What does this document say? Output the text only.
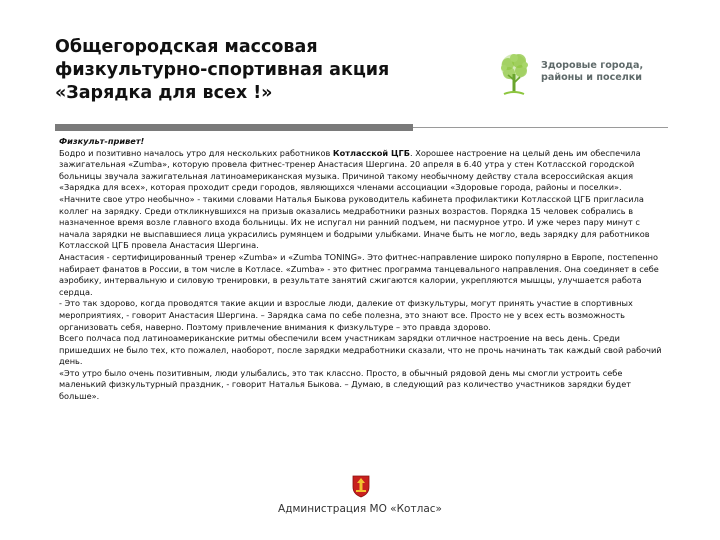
Общегородская массовая
физкультурно-спортивная акция
«Зарядка для всех !»
Здоровые города,
районы и поселки

Физкульт-привет!

Бодро и позитивно началось утро для нескольких работников Котласской ЦГБ. Хорошее настроение на целый день им обеспечила зажигательная «Zumba», которую провела фитнес-тренер Анастасия Шергина. 20 апреля в 6.40 утра у стен Котласской городской больницы звучала зажигательная латиноамериканская музыка. Причиной такому необычному действу стала всероссийская акция «Зарядка для всех», которая проходит среди городов, являющихся членами ассоциации «Здоровые города, районы и поселки».

«Начните свое утро необычно» - такими словами Наталья Быкова руководитель кабинета профилактики Котласской ЦГБ пригласила коллег на зарядку. Среди откликнувшихся на призыв оказались медработники разных возрастов. Порядка 15 человек собрались в назначенное время возле главного входа больницы. Их не испугал ни ранний подъем, ни пасмурное утро. И уже через пару минут с начала зарядки не выспавшиеся лица украсились румянцем и бодрыми улыбками. Иначе быть не могло, ведь зарядку для работников Котласской ЦГБ провела Анастасия Шергина.

Анастасия - сертифицированный тренер «Zumba» и «Zumba TONING». Это фитнес-направление широко популярно в Европе, постепенно набирает фанатов в России, в том числе в Котласе. «Zumba» - это фитнес программа танцевального направления. Она соединяет в себе аэробику, интервальную и силовую тренировки, в результате занятий сжигаются калории, укрепляются мышцы, улучшается работа сердца.

- Это так здорово, когда проводятся такие акции и взрослые люди, далекие от физкультуры, могут принять участие в спортивных мероприятиях, - говорит Анастасия Шергина. – Зарядка сама по себе полезна, это знают все. Просто не у всех есть возможность организовать себя, наверно. Поэтому привлечение внимания к физкультуре – это правда здорово.

Всего полчаса под латиноамериканские ритмы обеспечили всем участникам зарядки отличное настроение на весь день. Среди пришедших не было тех, кто пожалел, наоборот, после зарядки медработники сказали, что не прочь начинать так каждый свой рабочий день.

«Это утро было очень позитивным, люди улыбались, это так классно. Просто, в обычный рядовой день мы смогли устроить себе маленький физкультурный праздник, - говорит Наталья Быкова. – Думаю, в следующий раз количество участников зарядки будет больше».

Администрация МО «Котлас»
